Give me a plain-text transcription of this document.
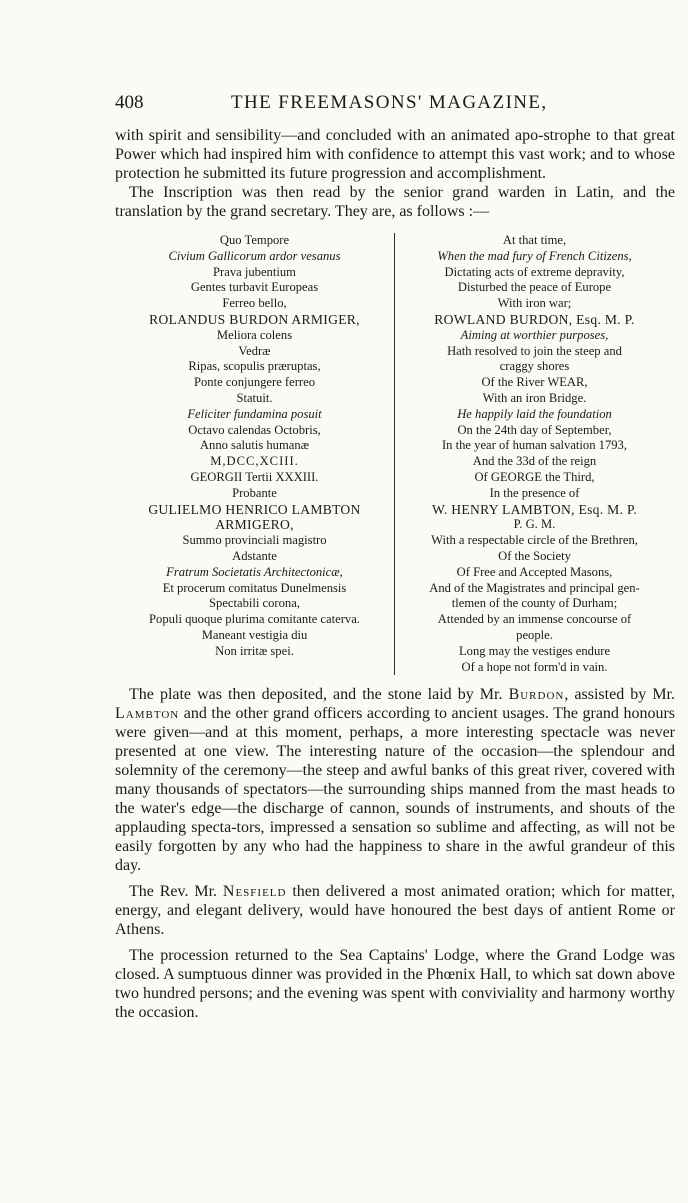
408	THE FREEMASONS' MAGAZINE,

with spirit and sensibility—and concluded with an animated apo-strophe to that great Power which had inspired him with confidence to attempt this vast work; and to whose protection he submitted its future progression and accomplishment.

The Inscription was then read by the senior grand warden in Latin, and the translation by the grand secretary. They are, as follows :—

Quo Tempore
Civium Gallicorum ardor vesanus
Prava jubentium
Gentes turbavit Europeas
Ferreo bello,
ROLANDUS BURDON ARMIGER,
Meliora colens
Vedræ
Ripas, scopulis præruptas,
Ponte conjungere ferreo
Statuit.
Feliciter fundamina posuit
Octavo calendas Octobris,
Anno salutis humanæ
M,DCC,XCIII.
GEORGII Tertii XXXIII.
Probante
GULIELMO HENRICO LAMBTON
ARMIGERO,
Summo provinciali magistro
Adstante
Fratrum Societatis Architectonicæ,
Et procerum comitatus Dunelmensis
Spectabili corona,
Populi quoque plurima comitante caterva.
Maneant vestigia diu
Non irritæ spei.
At that time,
When the mad fury of French Citizens,
Dictating acts of extreme depravity,
Disturbed the peace of Europe
With iron war;
ROWLAND BURDON, Esq. M. P.
Aiming at worthier purposes,
Hath resolved to join the steep and
craggy shores
Of the River WEAR,
With an iron Bridge.
He happily laid the foundation
On the 24th day of September,
In the year of human salvation 1793,
And the 33d of the reign
Of GEORGE the Third,
In the presence of
W. HENRY LAMBTON, Esq. M. P.
P. G. M.
With a respectable circle of the Brethren,
Of the Society
Of Free and Accepted Masons,
And of the Magistrates and principal gen-
tlemen of the county of Durham;
Attended by an immense concourse of
people.
Long may the vestiges endure
Of a hope not form'd in vain.

The plate was then deposited, and the stone laid by Mr. Burdon, assisted by Mr. Lambton and the other grand officers according to ancient usages. The grand honours were given—and at this moment, perhaps, a more interesting spectacle was never presented at one view. The interesting nature of the occasion—the splendour and solemnity of the ceremony—the steep and awful banks of this great river, covered with many thousands of spectators—the surrounding ships manned from the mast heads to the water's edge—the discharge of cannon, sounds of instruments, and shouts of the applauding specta-tors, impressed a sensation so sublime and affecting, as will not be easily forgotten by any who had the happiness to share in the awful grandeur of this day.

The Rev. Mr. Nesfield then delivered a most animated oration; which for matter, energy, and elegant delivery, would have honoured the best days of antient Rome or Athens.

The procession returned to the Sea Captains' Lodge, where the Grand Lodge was closed. A sumptuous dinner was provided in the Phœnix Hall, to which sat down above two hundred persons; and the evening was spent with conviviality and harmony worthy the occasion.
